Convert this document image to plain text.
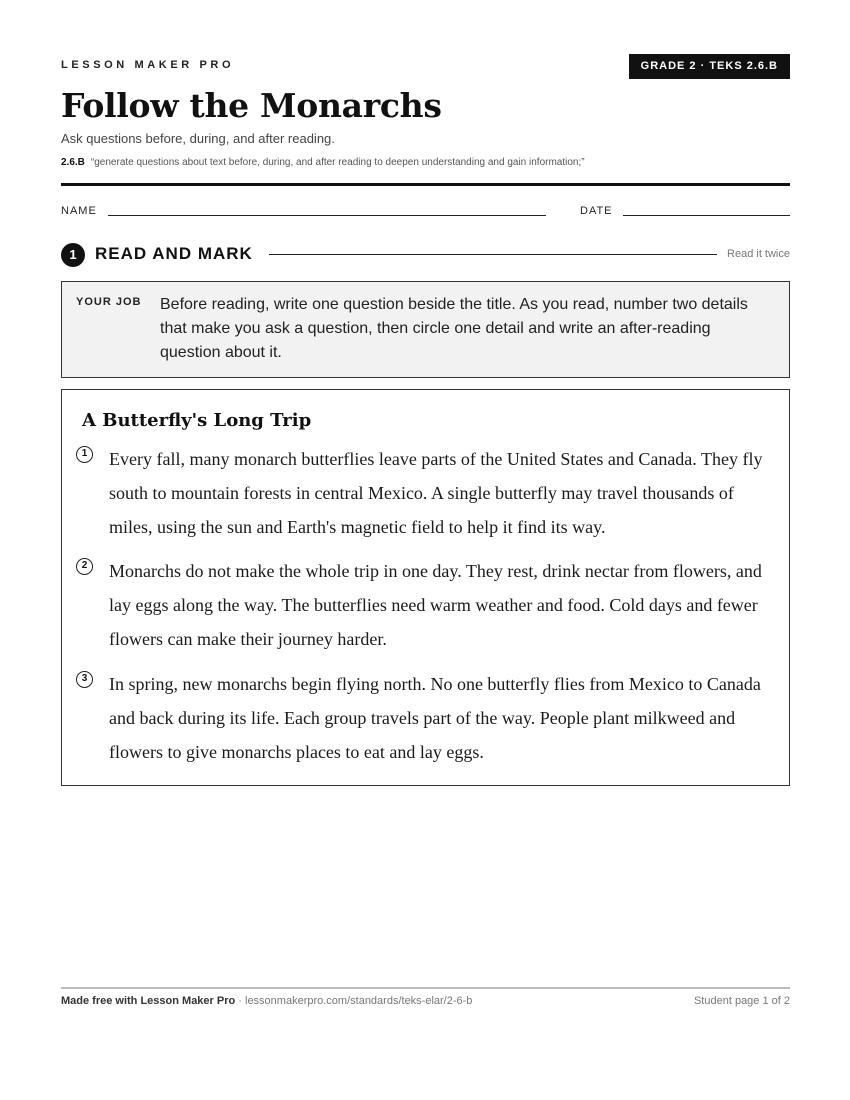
LESSON MAKER PRO	GRADE 2 · TEKS 2.6.B
Follow the Monarchs
Ask questions before, during, and after reading.
2.6.B “generate questions about text before, during, and after reading to deepen understanding and gain information;”
NAME	DATE
1	READ AND MARK	Read it twice
YOUR JOB Before reading, write one question beside the title. As you read, number two details that make you ask a question, then circle one detail and write an after-reading question about it.
A Butterfly's Long Trip
1	Every fall, many monarch butterflies leave parts of the United States and Canada. They fly south to mountain forests in central Mexico. A single butterfly may travel thousands of miles, using the sun and Earth's magnetic field to help it find its way.

2	Monarchs do not make the whole trip in one day. They rest, drink nectar from flowers, and lay eggs along the way. The butterflies need warm weather and food. Cold days and fewer flowers can make their journey harder.

3	In spring, new monarchs begin flying north. No one butterfly flies from Mexico to Canada and back during its life. Each group travels part of the way. People plant milkweed and flowers to give monarchs places to eat and lay eggs.

Made free with Lesson Maker Pro · lessonmakerpro.com/standards/teks-elar/2-6-b	Student page 1 of 2
